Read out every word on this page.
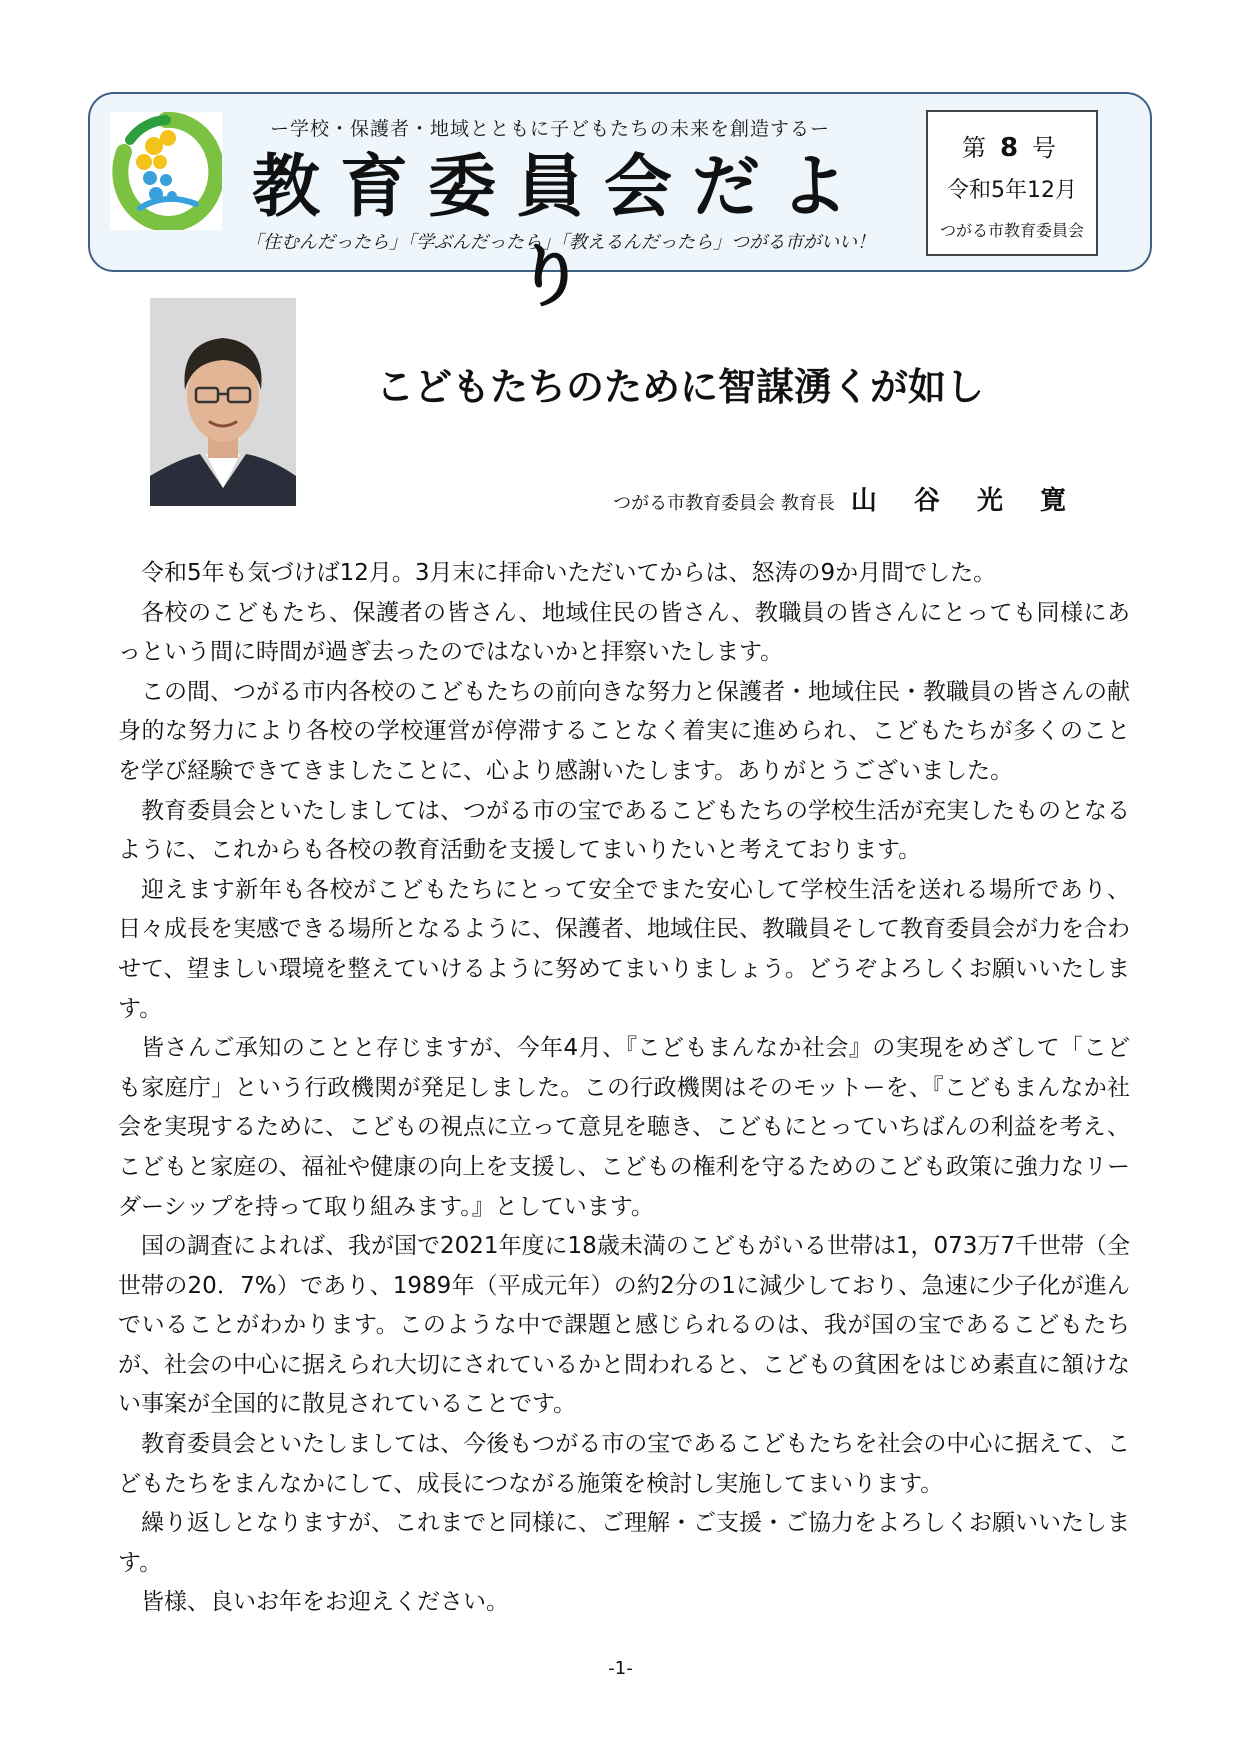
ー学校・保護者・地域とともに子どもたちの未来を創造するー
教育委員会だより
「住むんだったら」「学ぶんだったら」「教えるんだったら」つがる市がいい！
第 8 号
令和5年12月
つがる市教育委員会
こどもたちのために智謀湧くが如し
つがる市教育委員会 教育長 山 谷 光 寛

令和5年も気づけば12月。3月末に拝命いただいてからは、怒涛の9か月間でした。

各校のこどもたち、保護者の皆さん、地域住民の皆さん、教職員の皆さんにとっても同様にあっという間に時間が過ぎ去ったのではないかと拝察いたします。

この間、つがる市内各校のこどもたちの前向きな努力と保護者・地域住民・教職員の皆さんの献身的な努力により各校の学校運営が停滞することなく着実に進められ、こどもたちが多くのことを学び経験できてきましたことに、心より感謝いたします。ありがとうございました。

教育委員会といたしましては、つがる市の宝であるこどもたちの学校生活が充実したものとなるように、これからも各校の教育活動を支援してまいりたいと考えております。

迎えます新年も各校がこどもたちにとって安全でまた安心して学校生活を送れる場所であり、日々成長を実感できる場所となるように、保護者、地域住民、教職員そして教育委員会が力を合わせて、望ましい環境を整えていけるように努めてまいりましょう。どうぞよろしくお願いいたします。

皆さんご承知のことと存じますが、今年4月、『こどもまんなか社会』の実現をめざして「こども家庭庁」という行政機関が発足しました。この行政機関はそのモットーを、『こどもまんなか社会を実現するために、こどもの視点に立って意見を聴き、こどもにとっていちばんの利益を考え、こどもと家庭の、福祉や健康の向上を支援し、こどもの権利を守るためのこども政策に強力なリーダーシップを持って取り組みます。』としています。

国の調査によれば、我が国で2021年度に18歳未満のこどもがいる世帯は1，073万7千世帯（全世帯の20．7%）であり、1989年（平成元年）の約2分の1に減少しており、急速に少子化が進んでいることがわかります。このような中で課題と感じられるのは、我が国の宝であるこどもたちが、社会の中心に据えられ大切にされているかと問われると、こどもの貧困をはじめ素直に頷けない事案が全国的に散見されていることです。

教育委員会といたしましては、今後もつがる市の宝であるこどもたちを社会の中心に据えて、こどもたちをまんなかにして、成長につながる施策を検討し実施してまいります。

繰り返しとなりますが、これまでと同様に、ご理解・ご支援・ご協力をよろしくお願いいたします。

皆様、良いお年をお迎えください。

-1-
